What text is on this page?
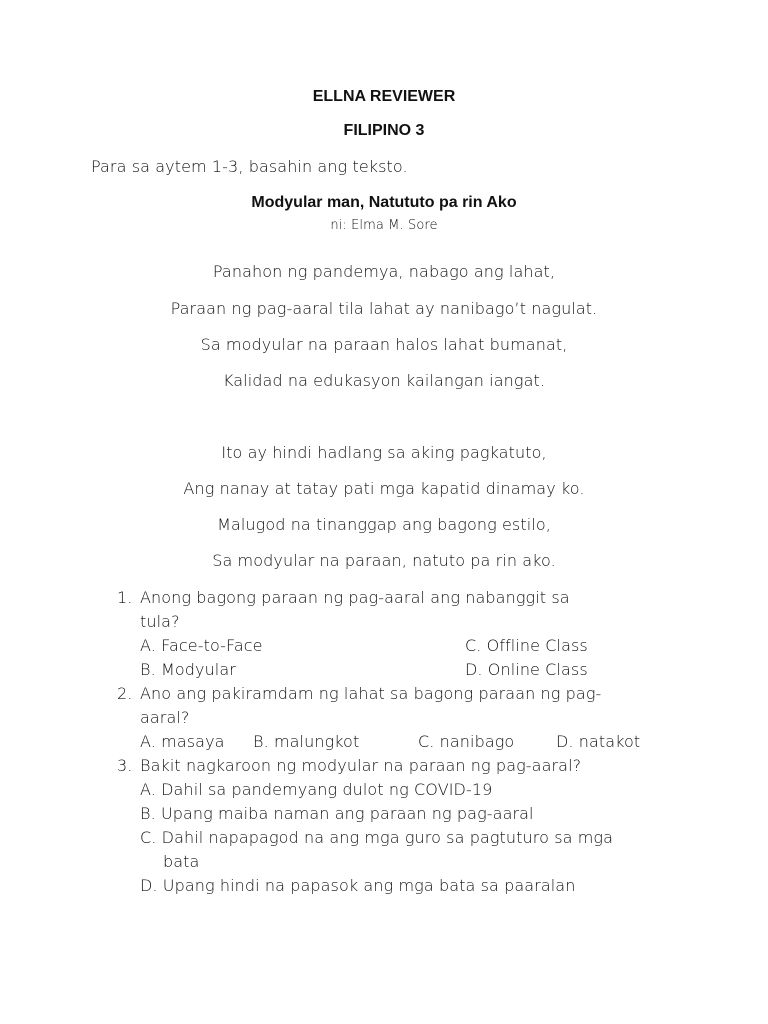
ELLNA REVIEWER
FILIPINO 3
Para sa aytem 1-3, basahin ang teksto.
Modyular man, Natututo pa rin Ako
ni: Elma M. Sore
Panahon ng pandemya, nabago ang lahat,
Paraan ng pag-aaral tila lahat ay nanibago’t nagulat.
Sa modyular na paraan halos lahat bumanat,
Kalidad na edukasyon kailangan iangat.
Ito ay hindi hadlang sa aking pagkatuto,
Ang nanay at tatay pati mga kapatid dinamay ko.
Malugod na tinanggap ang bagong estilo,
Sa modyular na paraan, natuto pa rin ako.
1. Anong bagong paraan ng pag-aaral ang nabanggit sa
tula?
A. Face-to-Face	C. Offline Class
B. Modyular	D. Online Class
2. Ano ang pakiramdam ng lahat sa bagong paraan ng pag-
aaral?
A. masaya B. malungkot	C. nanibago	D. natakot
3. Bakit nagkaroon ng modyular na paraan ng pag-aaral?
A. Dahil sa pandemyang dulot ng COVID-19
B. Upang maiba naman ang paraan ng pag-aaral
C. Dahil napapagod na ang mga guro sa pagtuturo sa mga
bata
D. Upang hindi na papasok ang mga bata sa paaralan
